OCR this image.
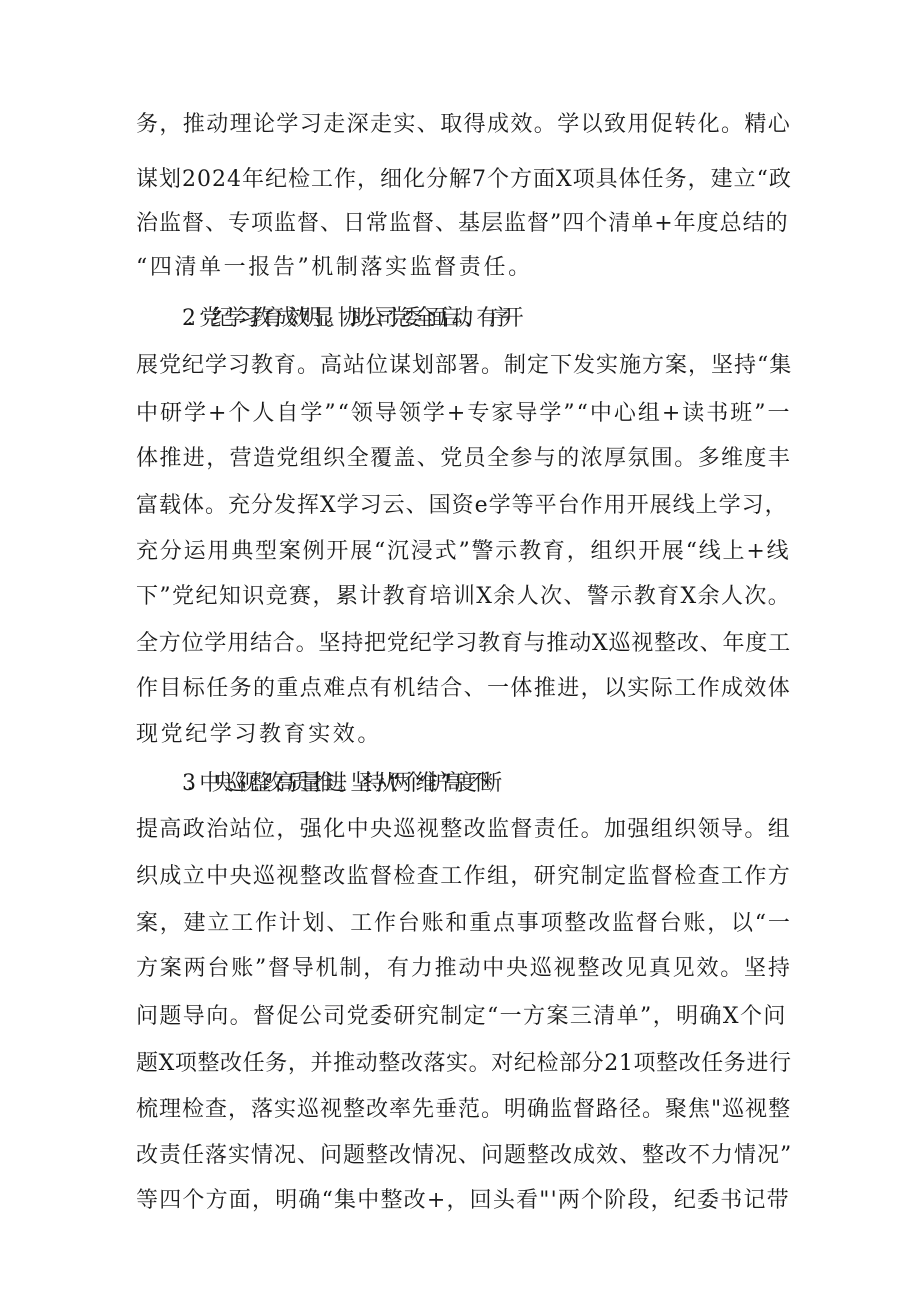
务，推动理论学习走深走实、取得成效。学以致用促转化。精心
谋划2024年纪检工作，细化分解7个方面X项具体任务，建立“政
治监督、专项监督、日常监督、基层监督”四个清单+年度总结的
“四清单一报告”机制落实监督责任。
2．党纪学习教育成效明显。协助公司党委全面启动、有序开
展党纪学习教育。高站位谋划部署。制定下发实施方案，坚持“集
中研学+个人自学”“领导领学+专家导学”“中心组+读书班”一
体推进，营造党组织全覆盖、党员全参与的浓厚氛围。多维度丰
富载体。充分发挥X学习云、国资e学等平台作用开展线上学习，
充分运用典型案例开展“沉浸式”警示教育，组织开展“线上+线
下”党纪知识竞赛，累计教育培训X余人次、警示教育X余人次。
全方位学用结合。坚持把党纪学习教育与推动X巡视整改、年度工
作目标任务的重点难点有机结合、一体推进，以实际工作成效体
现党纪学习教育实效。
3．中央巡视整改高质量推进。坚持从“两个维护”高度不断
提高政治站位，强化中央巡视整改监督责任。加强组织领导。组
织成立中央巡视整改监督检查工作组，研究制定监督检查工作方
案，建立工作计划、工作台账和重点事项整改监督台账，以“一
方案两台账”督导机制，有力推动中央巡视整改见真见效。坚持
问题导向。督促公司党委研究制定“一方案三清单”，明确X个问
题X项整改任务，并推动整改落实。对纪检部分21项整改任务进行
梳理检查，落实巡视整改率先垂范。明确监督路径。聚焦"巡视整
改责任落实情况、问题整改情况、问题整改成效、整改不力情况”
等四个方面，明确“集中整改+，回头看"'两个阶段，纪委书记带
